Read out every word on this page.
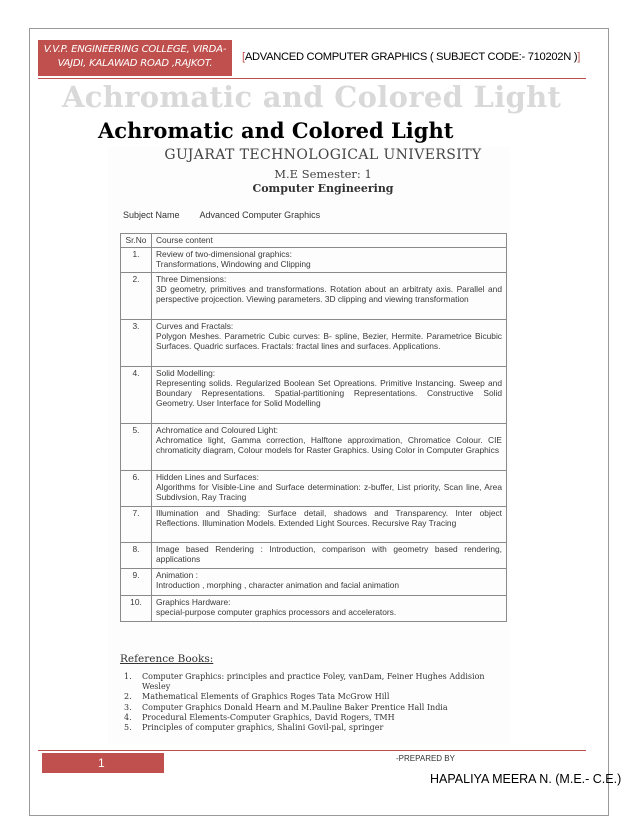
V.V.P. ENGINEERING COLLEGE, VIRDA-
VAJDI, KALAWAD ROAD ,RAJKOT.
[ADVANCED COMPUTER GRAPHICS ( SUBJECT CODE:- 710202N )]
Achromatic and Colored Light
Achromatic and Colored Light
GUJARAT TECHNOLOGICAL UNIVERSITY
M.E Semester: 1
Computer Engineering
Subject Name Advanced Computer Graphics
Sr.No	Course content
1.	Review of two-dimensional graphics:
Transformations, Windowing and Clipping

2.	Three Dimensions:
3D geometry, primitives and transformations. Rotation about an arbitraty axis. Parallel and perspective projcection. Viewing parameters. 3D clipping and viewing transformation

3.	Curves and Fractals:
Polygon Meshes. Parametric Cubic curves: B- spline, Bezier, Hermite. Parametrice Bicubic Surfaces. Quadric surfaces. Fractals: fractal lines and surfaces. Applications.

4.	Solid Modelling:
Representing solids. Regularized Boolean Set Opreations. Primitive Instancing. Sweep and Boundary Representations. Spatial-partitioning Representations. Constructive Solid Geometry. User Interface for Solid Modelling

5.	Achromatice and Coloured Light:
Achromatice light, Gamma correction, Halftone approximation, Chromatice Colour. CIE chromaticity diagram, Colour models for Raster Graphics. Using Color in Computer Graphics

6.	Hidden Lines and Surfaces:
Algorithms for Visible-Line and Surface determination: z-buffer, List priority, Scan line, Area Subdivsion, Ray Tracing

7.	Illumination and Shading: Surface detail, shadows and Transparency. Inter object Reflections. Illumination Models. Extended Light Sources. Recursive Ray Tracing

8.	Image based Rendering : Introduction, comparison with geometry based rendering, applications

9.	Animation :
Introduction , morphing , character animation and facial animation

10.	Graphics Hardware:
special-purpose computer graphics processors and accelerators.
Reference Books:
1.	Computer Graphics: principles and practice Foley, vanDam, Feiner Hughes Addision Wesley
2.	Mathematical Elements of Graphics Roges Tata McGrow Hill
3.	Computer Graphics Donald Hearn and M.Pauline Baker Prentice Hall India
4.	Procedural Elements-Computer Graphics, David Rogers, TMH
5.	Principles of computer graphics, Shalini Govil-pal, springer
1	-PREPARED BY
HAPALIYA MEERA N. (M.E.- C.E.)
